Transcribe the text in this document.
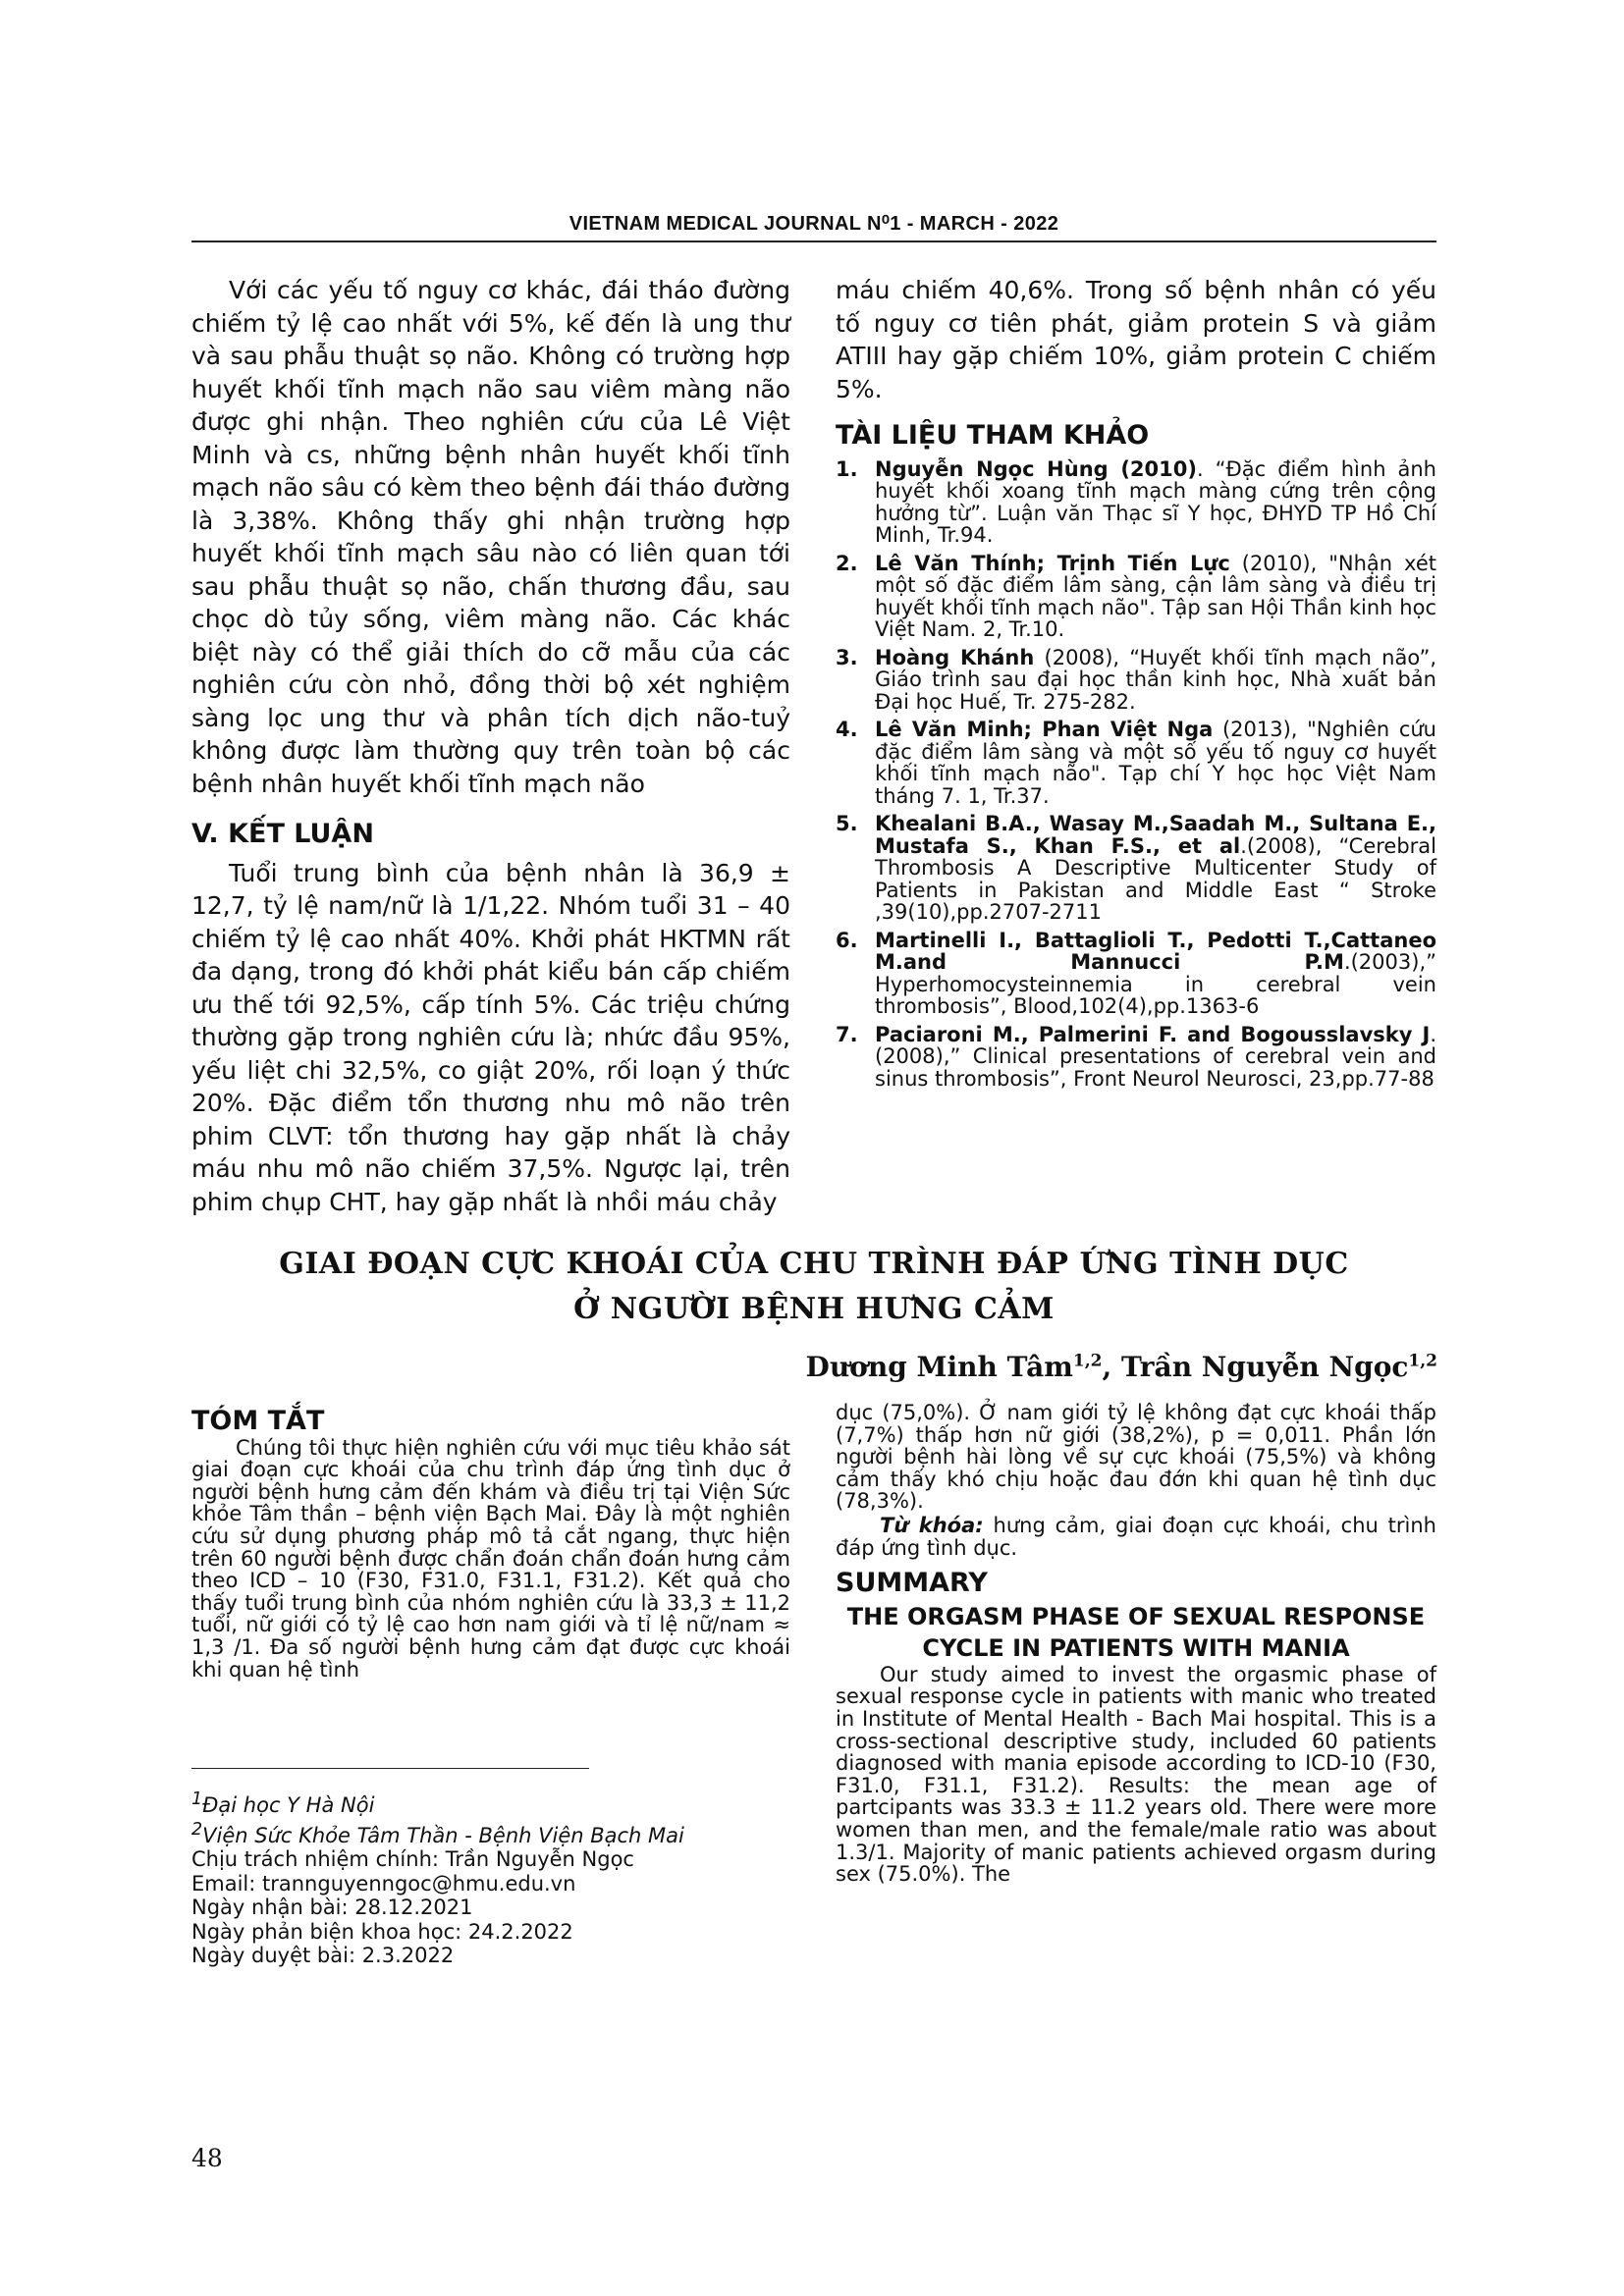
VIETNAM MEDICAL JOURNAL N⁰1 - MARCH - 2022

Với các yếu tố nguy cơ khác, đái tháo đường chiếm tỷ lệ cao nhất với 5%, kế đến là ung thư và sau phẫu thuật sọ não. Không có trường hợp huyết khối tĩnh mạch não sau viêm màng não được ghi nhận. Theo nghiên cứu của Lê Việt Minh và cs, những bệnh nhân huyết khối tĩnh mạch não sâu có kèm theo bệnh đái tháo đường là 3,38%. Không thấy ghi nhận trường hợp huyết khối tĩnh mạch sâu nào có liên quan tới sau phẫu thuật sọ não, chấn thương đầu, sau chọc dò tủy sống, viêm màng não. Các khác biệt này có thể giải thích do cỡ mẫu của các nghiên cứu còn nhỏ, đồng thời bộ xét nghiệm sàng lọc ung thư và phân tích dịch não-tuỷ không được làm thường quy trên toàn bộ các bệnh nhân huyết khối tĩnh mạch não

V. KẾT LUẬN

Tuổi trung bình của bệnh nhân là 36,9 ± 12,7, tỷ lệ nam/nữ là 1/1,22. Nhóm tuổi 31 – 40 chiếm tỷ lệ cao nhất 40%. Khởi phát HKTMN rất đa dạng, trong đó khởi phát kiểu bán cấp chiếm ưu thế tới 92,5%, cấp tính 5%. Các triệu chứng thường gặp trong nghiên cứu là; nhức đầu 95%, yếu liệt chi 32,5%, co giật 20%, rối loạn ý thức 20%. Đặc điểm tổn thương nhu mô não trên phim CLVT: tổn thương hay gặp nhất là chảy máu nhu mô não chiếm 37,5%. Ngược lại, trên phim chụp CHT, hay gặp nhất là nhồi máu chảy

máu chiếm 40,6%. Trong số bệnh nhân có yếu tố nguy cơ tiên phát, giảm protein S và giảm ATIII hay gặp chiếm 10%, giảm protein C chiếm 5%.

TÀI LIỆU THAM KHẢO

1. Nguyễn Ngọc Hùng (2010). “Đặc điểm hình ảnh huyết khối xoang tĩnh mạch màng cứng trên cộng hưởng từ”. Luận văn Thạc sĩ Y học, ĐHYD TP Hồ Chí Minh, Tr.94.
2. Lê Văn Thính; Trịnh Tiến Lực (2010), "Nhận xét một số đặc điểm lâm sàng, cận lâm sàng và điều trị huyết khối tĩnh mạch não". Tập san Hội Thần kinh học Việt Nam. 2, Tr.10.
3. Hoàng Khánh (2008), “Huyết khối tĩnh mạch não”, Giáo trình sau đại học thần kinh học, Nhà xuất bản Đại học Huế, Tr. 275-282.
4. Lê Văn Minh; Phan Việt Nga (2013), "Nghiên cứu đặc điểm lâm sàng và một số yếu tố nguy cơ huyết khối tĩnh mạch não". Tạp chí Y học học Việt Nam tháng 7. 1, Tr.37.
5. Khealani B.A., Wasay M.,Saadah M., Sultana E., Mustafa S., Khan F.S., et al.(2008), “Cerebral Thrombosis A Descriptive Multicenter Study of Patients in Pakistan and Middle East “ Stroke ,39(10),pp.2707-2711
6. Martinelli I., Battaglioli T., Pedotti T.,Cattaneo M.and Mannucci P.M.(2003),” Hyperhomocysteinnemia in cerebral vein thrombosis”, Blood,102(4),pp.1363-6
7. Paciaroni M., Palmerini F. and Bogousslavsky J.(2008),” Clinical presentations of cerebral vein and sinus thrombosis”, Front Neurol Neurosci, 23,pp.77-88
GIAI ĐOẠN CỰC KHOÁI CỦA CHU TRÌNH ĐÁP ỨNG TÌNH DỤC
Ở NGƯỜI BỆNH HƯNG CẢM
Dương Minh Tâm$^{1,2}$, Trần Nguyễn Ngọc$^{1,2}$
TÓM TẮT

Chúng tôi thực hiện nghiên cứu với mục tiêu khảo sát giai đoạn cực khoái của chu trình đáp ứng tình dục ở người bệnh hưng cảm đến khám và điều trị tại Viện Sức khỏe Tâm thần – bệnh viện Bạch Mai. Đây là một nghiên cứu sử dụng phương pháp mô tả cắt ngang, thực hiện trên 60 người bệnh được chẩn đoán chẩn đoán hưng cảm theo ICD – 10 (F30, F31.0, F31.1, F31.2). Kết quả cho thấy tuổi trung bình của nhóm nghiên cứu là 33,3 ± 11,2 tuổi, nữ giới có tỷ lệ cao hơn nam giới và tỉ lệ nữ/nam ≈ 1,3 /1. Đa số người bệnh hưng cảm đạt được cực khoái khi quan hệ tình

dục (75,0%). Ở nam giới tỷ lệ không đạt cực khoái thấp (7,7%) thấp hơn nữ giới (38,2%), p = 0,011. Phần lớn người bệnh hài lòng về sự cực khoái (75,5%) và không cảm thấy khó chịu hoặc đau đớn khi quan hệ tình dục (78,3%).

Từ khóa: hưng cảm, giai đoạn cực khoái, chu trình đáp ứng tình dục.

SUMMARY
THE ORGASM PHASE OF SEXUAL RESPONSE
CYCLE IN PATIENTS WITH MANIA

Our study aimed to invest the orgasmic phase of sexual response cycle in patients with manic who treated in Institute of Mental Health - Bach Mai hospital. This is a cross-sectional descriptive study, included 60 patients diagnosed with mania episode according to ICD-10 (F30, F31.0, F31.1, F31.2). Results: the mean age of partcipants was 33.3 ± 11.2 years old. There were more women than men, and the female/male ratio was about 1.3/1. Majority of manic patients achieved orgasm during sex (75.0%). The

$^1$Đại học Y Hà Nội
$^2$Viện Sức Khỏe Tâm Thần - Bệnh Viện Bạch Mai
Chịu trách nhiệm chính: Trần Nguyễn Ngọc
Email: trannguyenngoc@hmu.edu.vn
Ngày nhận bài: 28.12.2021
Ngày phản biện khoa học: 24.2.2022
Ngày duyệt bài: 2.3.2022
48
